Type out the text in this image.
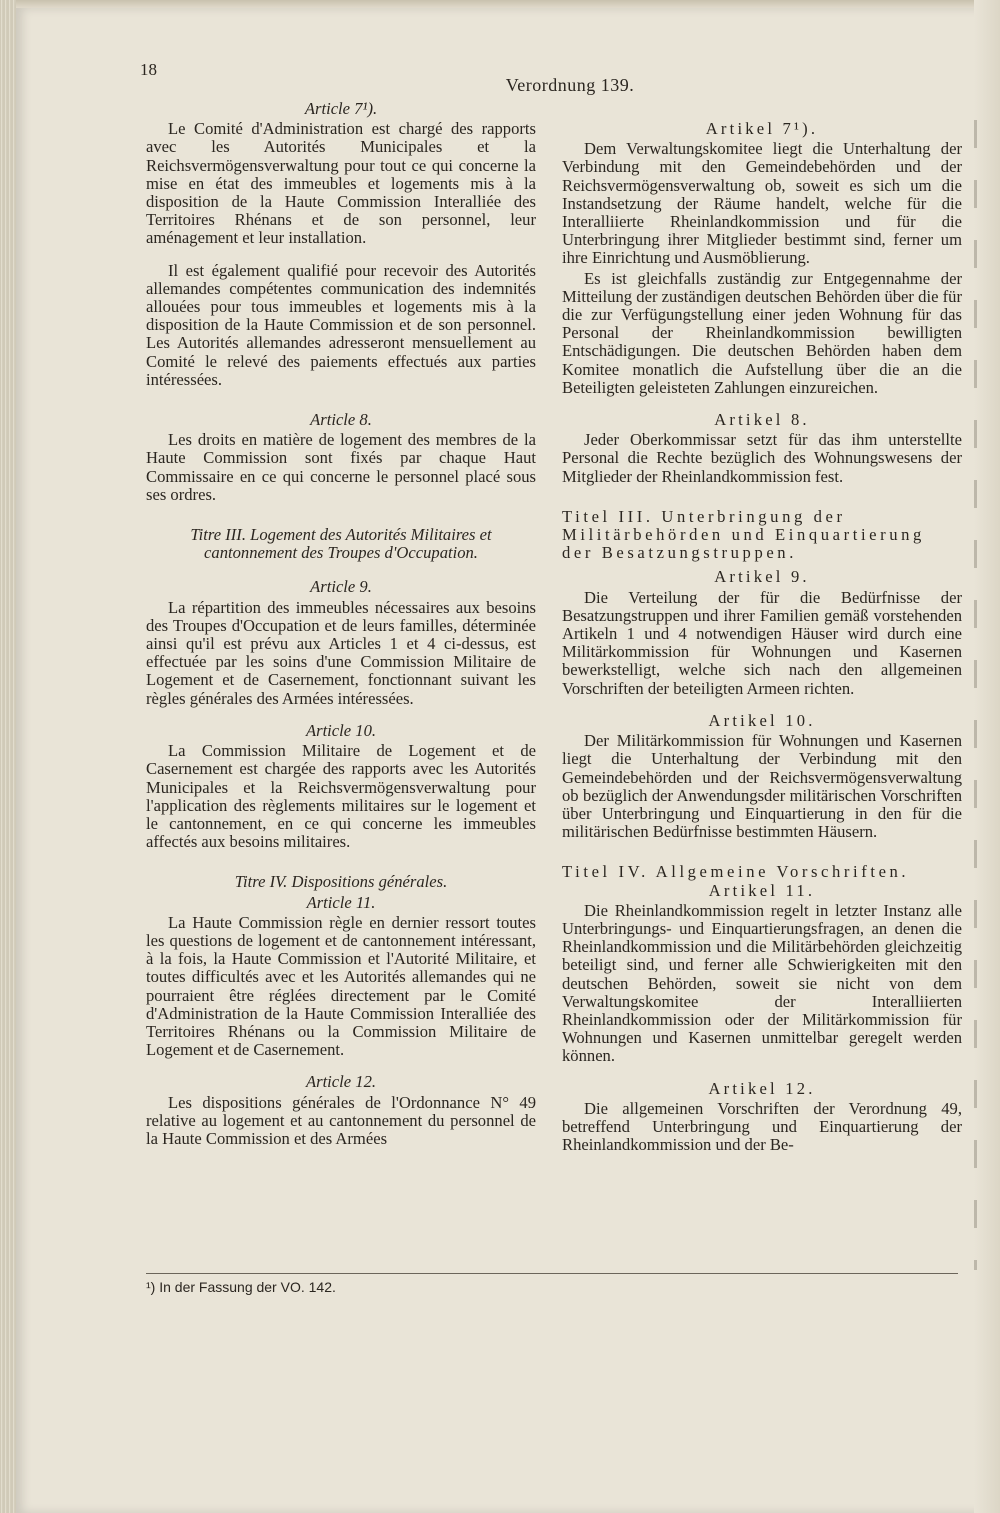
18
Verordnung 139.

Article 7¹).

Le Comité d'Administration est chargé des rapports avec les Autorités Municipales et la Reichsvermögensverwaltung pour tout ce qui concerne la mise en état des immeubles et logements mis à la disposition de la Haute Commission Interalliée des Territoires Rhénans et de son personnel, leur aménagement et leur installation.

Il est également qualifié pour recevoir des Autorités allemandes compétentes communication des indemnités allouées pour tous immeubles et logements mis à la disposition de la Haute Commission et de son personnel. Les Autorités allemandes adresseront mensuellement au Comité le relevé des paiements effectués aux parties intéressées.

Article 8.

Les droits en matière de logement des membres de la Haute Commission sont fixés par chaque Haut Commissaire en ce qui concerne le personnel placé sous ses ordres.

Titre III. Logement des Autorités Militaires et cantonnement des Troupes d'Occupation.

Article 9.

La répartition des immeubles nécessaires aux besoins des Troupes d'Occupation et de leurs familles, déterminée ainsi qu'il est prévu aux Articles 1 et 4 ci-dessus, est effectuée par les soins d'une Commission Militaire de Logement et de Casernement, fonctionnant suivant les règles générales des Armées intéressées.

Article 10.

La Commission Militaire de Logement et de Casernement est chargée des rapports avec les Autorités Municipales et la Reichsvermögensverwaltung pour l'application des règlements militaires sur le logement et le cantonnement, en ce qui concerne les immeubles affectés aux besoins militaires.

Titre IV. Dispositions générales.

Article 11.

La Haute Commission règle en dernier ressort toutes les questions de logement et de cantonnement intéressant, à la fois, la Haute Commission et l'Autorité Militaire, et toutes difficultés avec et les Autorités allemandes qui ne pourraient être réglées directement par le Comité d'Administration de la Haute Commission Interalliée des Territoires Rhénans ou la Commission Militaire de Logement et de Casernement.

Article 12.

Les dispositions générales de l'Ordonnance N° 49 relative au logement et au cantonnement du personnel de la Haute Commission et des Armées

Artikel 7¹).

Dem Verwaltungskomitee liegt die Unterhaltung der Verbindung mit den Gemeindebehörden und der Reichsvermögensverwaltung ob, soweit es sich um die Instandsetzung der Räume handelt, welche für die Interalliierte Rheinlandkommission und für die Unterbringung ihrer Mitglieder bestimmt sind, ferner um ihre Einrichtung und Ausmöblierung.

Es ist gleichfalls zuständig zur Entgegennahme der Mitteilung der zuständigen deutschen Behörden über die für die zur Verfügungstellung einer jeden Wohnung für das Personal der Rheinlandkommission bewilligten Entschädigungen. Die deutschen Behörden haben dem Komitee monatlich die Aufstellung über die an die Beteiligten geleisteten Zahlungen einzureichen.

Artikel 8.

Jeder Oberkommissar setzt für das ihm unterstellte Personal die Rechte bezüglich des Wohnungswesens der Mitglieder der Rheinlandkommission fest.

Titel III. Unterbringung der Militärbehörden und Einquartierung der Besatzungstruppen.

Artikel 9.

Die Verteilung der für die Bedürfnisse der Besatzungstruppen und ihrer Familien gemäß vorstehenden Artikeln 1 und 4 notwendigen Häuser wird durch eine Militärkommission für Wohnungen und Kasernen bewerkstelligt, welche sich nach den allgemeinen Vorschriften der beteiligten Armeen richten.

Artikel 10.

Der Militärkommission für Wohnungen und Kasernen liegt die Unterhaltung der Verbindung mit den Gemeindebehörden und der Reichsvermögensverwaltung ob bezüglich der Anwendungsder militärischen Vorschriften über Unterbringung und Einquartierung in den für die militärischen Bedürfnisse bestimmten Häusern.

Titel IV. Allgemeine Vorschriften.

Artikel 11.

Die Rheinlandkommission regelt in letzter Instanz alle Unterbringungs- und Einquartierungsfragen, an denen die Rheinlandkommission und die Militärbehörden gleichzeitig beteiligt sind, und ferner alle Schwierigkeiten mit den deutschen Behörden, soweit sie nicht von dem Verwaltungskomitee der Interalliierten Rheinlandkommission oder der Militärkommission für Wohnungen und Kasernen unmittelbar geregelt werden können.

Artikel 12.

Die allgemeinen Vorschriften der Verordnung 49, betreffend Unterbringung und Einquartierung der Rheinlandkommission und der Be-

¹) In der Fassung der VO. 142.
